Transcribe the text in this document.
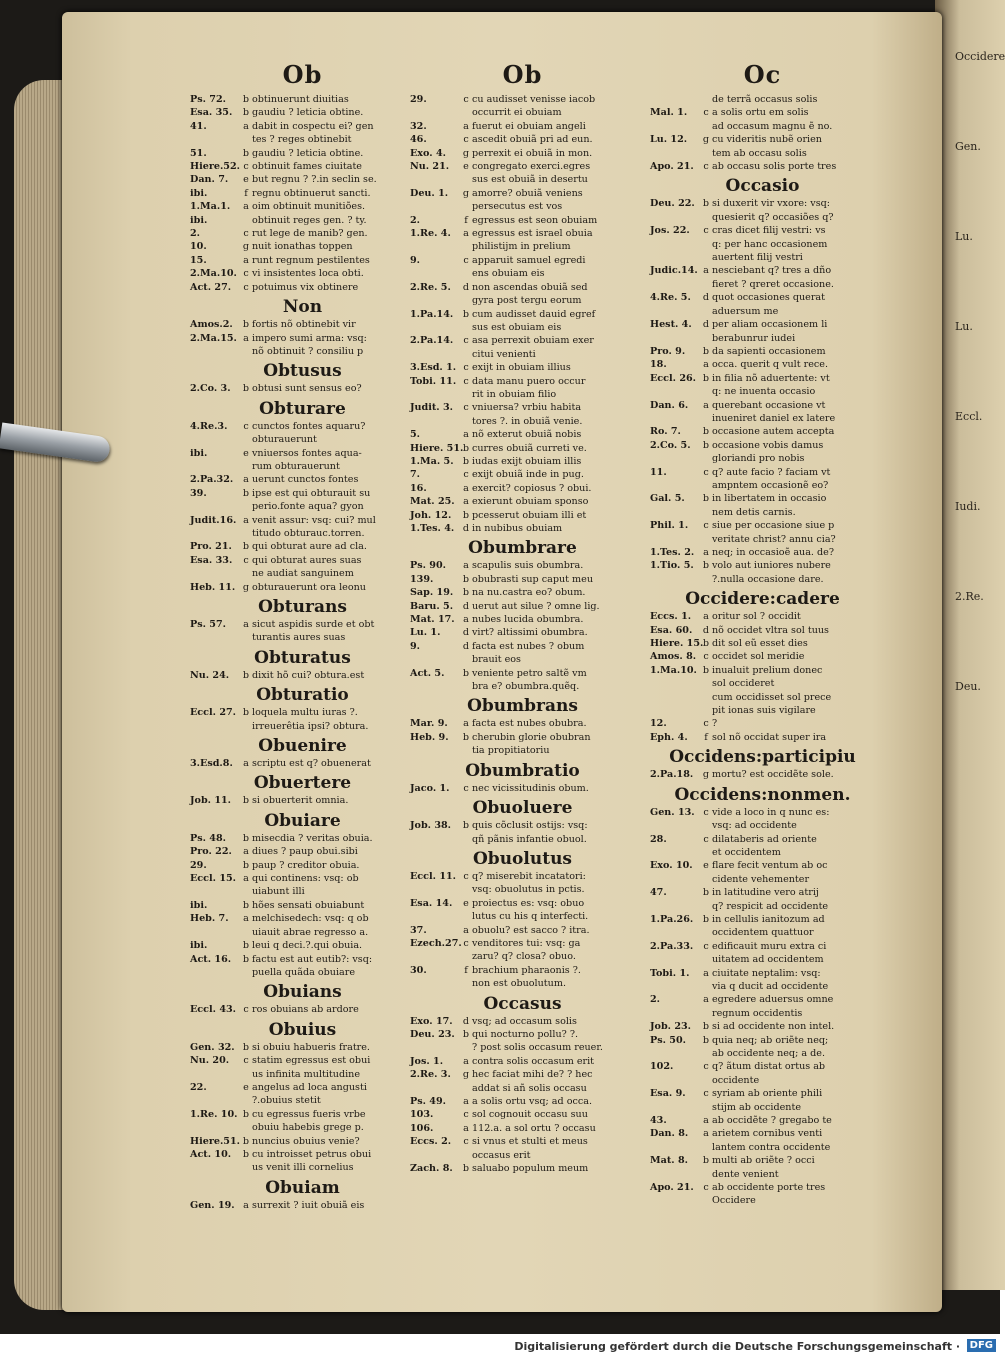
Occidere
Gen.
Lu.
Lu.
Eccl.
Iudi.
2.Re.
Deu.
Ob
Ps. 72.	b obtinuerunt diuitias
Esa. 35.	b gaudiu ? leticia obtine.
41.	a dabit in cospectu ei? gen
tes ? reges obtinebit
51.	b gaudiu ? leticia obtine.
Hiere.52. c obtinuit fames ciuitate
Dan. 7.	e but regnu ? ?.in seclin se.
ibi.	f regnu obtinuerut sancti.
1.Ma.1.	a oim obtinuit munitiões.
ibi.	obtinuit reges gen. ? ty.
2.	c rut lege de manib? gen.
10.	g nuit ionathas toppen
15.	a runt regnum pestilentes
2.Ma.10. c vi insistentes loca obti.
Act. 27.	c potuimus vix obtinere
Non
Amos.2.	b fortis nõ obtinebit vir
2.Ma.15. a impero sumi arma: vsq:
nõ obtinuit ? consiliu p
Obtusus
2.Co. 3.	b obtusi sunt sensus eo?
Obturare
4.Re.3.	c cunctos fontes aquaru?
obturauerunt
ibi.	e vniuersos fontes aqua-
rum obturauerunt
2.Pa.32.	a uerunt cunctos fontes
39.	b ipse est qui obturauit su
perio.fonte aqua? gyon
Judit.16. a venit assur: vsq: cui? mul
titudo obturauc.torren.
Pro. 21.	b qui obturat aure ad cla.
Esa. 33.	c qui obturat aures suas
ne audiat sanguinem
Heb. 11. g obturauerunt ora leonu
Obturans
Ps. 57.	a sicut aspidis surde et obt
turantis aures suas
Obturatus
Nu. 24.	b dixit hõ cui? obtura.est
Obturatio
Eccl. 27. b loquela multu iuras ?.
irreuerêtia ipsi? obtura.
Obuenire
3.Esd.8.	a scriptu est q? obuenerat
Obuertere
Job. 11.	b si obuerterit omnia.
Obuiare
Ps. 48.	b misecdia ? veritas obuia.
Pro. 22.	a diues ? paup obui.sibi
29.	b paup ? creditor obuia.
Eccl. 15. a qui continens: vsq: ob
uiabunt illi
ibi.	b hões sensati obuiabunt
Heb. 7.	a melchisedech: vsq: q ob
uiauit abrae regresso a.
ibi.	b leui q deci.?.qui obuia.
Act. 16.	b factu est aut eutib?: vsq:
puella quãda obuiare
Obuians
Eccl. 43. c ros obuians ab ardore
Obuius
Gen. 32. b si obuiu habueris fratre.
Nu. 20.	c statim egressus est obui
us infinita multitudine
22.	e angelus ad loca angusti
?.obuius stetit
1.Re. 10. b cu egressus fueris vrbe
obuiu habebis grege p.
Hiere.51. b nuncius obuius venie?
Act. 10.	b cu introisset petrus obui
us venit illi cornelius
Obuiam
Gen. 19. a surrexit ? iuit obuiã eis
Ob
29.	c cu audisset venisse iacob
occurrit ei obuiam
32.	a fuerut ei obuiam angeli
46.	c ascedit obuiã pri ad eun.
Exo. 4.	g perrexit ei obuiã in mon.
Nu. 21.	e congregato exerci.egres
sus est obuiã in desertu
Deu. 1.	g amorre? obuiã veniens
persecutus est vos
2.	f egressus est seon obuiam
1.Re. 4.	a egressus est israel obuia
philistijm in prelium
9.	c apparuit samuel egredi
ens obuiam eis
2.Re. 5.	d non ascendas obuiã sed
gyra post tergu eorum
1.Pa.14.	b cum audisset dauid egref
sus est obuiam eis
2.Pa.14.	c asa perrexit obuiam exer
citui venienti
3.Esd. 1. c exijt in obuiam illius
Tobi. 11. c data manu puero occur
rit in obuiam filio
Judit. 3.	c vniuersa? vrbiu habita
tores ?. in obuiã venie.
5.	a nõ exterut obuiã nobis
Hiere. 51. b curres obuiã curreti ve.
1.Ma. 5. b iudas exijt obuiam illis
7.	c exijt obuiã inde in pug.
16.	a exercit? copiosus ? obui.
Mat. 25. a exierunt obuiam sponso
Joh. 12.	b pcesserut obuiam illi et
1.Tes. 4. d in nubibus obuiam
Obumbrare
Ps. 90.	a scapulis suis obumbra.
139.	b obubrasti sup caput meu
Sap. 19.	b na nu.castra eo? obum.
Baru. 5.	d uerut aut silue ? omne lig.
Mat. 17. a nubes lucida obumbra.
Lu. 1.	d virt? altissimi obumbra.
9.	d facta est nubes ? obum
brauit eos
Act. 5.	b veniente petro saltẽ vm
bra e? obumbra.quẽq.
Obumbrans
Mar. 9.	a facta est nubes obubra.
Heb. 9.	b cherubin glorie obubran
tia propitiatoriu
Obumbratio
Jaco. 1.	c nec vicissitudinis obum.
Obuoluere
Job. 38.	b quis cõclusit ostijs: vsq:
qñ pãnis infantie obuol.
Obuolutus
Eccl. 11. c q? miserebit incatatori:
vsq: obuolutus in pctis.
Esa. 14.	e proiectus es: vsq: obuo
lutus cu his q interfecti.
37.	a obuolu? est sacco ? itra.
Ezech.27. c venditores tui: vsq: ga
zaru? q? closa? obuo.
30.	f brachium pharaonis ?.
non est obuolutum.
Occasus
Exo. 17.	d vsq; ad occasum solis
Deu. 23. b qui nocturno pollu? ?.
? post solis occasum reuer.
Jos. 1.	a contra solis occasum erit
2.Re. 3.	g hec faciat mihi de? ? hec
addat si añ solis occasu
Ps. 49.	a a solis ortu vsq; ad occa.
103.	c sol cognouit occasu suu
106.	a 112.a. a sol ortu ? occasu
Eccs. 2.	c si vnus et stulti et meus
occasus erit
Zach. 8.	b saluabo populum meum
Oc
de terrã occasus solis
Mal. 1.	c a solis ortu em solis
ad occasum magnu ẽ no.
Lu. 12.	g cu videritis nubẽ orien
tem ab occasu solis
Apo. 21. c ab occasu solis porte tres
Occasio
Deu. 22. b si duxerit vir vxore: vsq:
quesierit q? occasiões q?
Jos. 22.	c cras dicet filij vestri: vs
q: per hanc occasionem
auertent filij vestri
Judic.14. a nesciebant q? tres a dño
fieret ? qreret occasione.
4.Re. 5.	d quot occasiones querat
aduersum me
Hest. 4.	d per aliam occasionem li
berabunrur iudei
Pro. 9.	b da sapienti occasionem
18.	a occa. querit q vult rece.
Eccl. 26. b in filia nõ aduertente: vt
q: ne inuenta occasio
Dan. 6.	a querebant occasione vt
inueniret daniel ex latere
Ro. 7.	b occasione autem accepta
2.Co. 5.	b occasione vobis damus
gloriandi pro nobis
11.	c q? aute facio ? faciam vt
ampntem occasionẽ eo?
Gal. 5.	b in libertatem in occasio
nem detis carnis.
Phil. 1.	c siue per occasione siue p
veritate christ? annu cia?
1.Tes. 2. a neq; in occasioẽ aua. de?
1.Tio. 5. b volo aut iuniores nubere
?.nulla occasione dare.
Occidere:cadere
Eccs. 1.	a oritur sol ? occidit
Esa. 60.	d nõ occidet vltra sol tuus
Hiere. 15. b dit sol eũ esset dies
Amos. 8. c occidet sol meridie
1.Ma.10. b inualuit prelium donec
sol occideret
cum occidisset sol prece
pit ionas suis vigilare
12.	c ?
Eph. 4.	f sol nõ occidat super ira
Occidens:participiu
2.Pa.18.	g mortu? est occidẽte sole.
Occidens:nonmen.
Gen. 13. c vide a loco in q nunc es:
vsq: ad occidente
28.	c dilataberis ad oriente
et occidentem
Exo. 10.	e flare fecit ventum ab oc
cidente vehementer
47.	b in latitudine vero atrij
q? respicit ad occidente
1.Pa.26.	b in cellulis ianitozum ad
occidentem quattuor
2.Pa.33.	c edificauit muru extra ci
uitatem ad occidentem
Tobi. 1.	a ciuitate neptalim: vsq:
via q ducit ad occidente
2.	a egredere aduersus omne
regnum occidentis
Job. 23.	b si ad occidente non intel.
Ps. 50.	b quia neq; ab oriẽte neq;
ab occidente neq; a de.
102.	c q? ãtum distat ortus ab
occidente
Esa. 9.	c syriam ab oriente phili
stijm ab occidente
43.	a ab occidẽte ? gregabo te
Dan. 8.	a arietem cornibus venti
lantem contra occidente
Mat. 8.	b multi ab oriẽte ? occi
dente venient
Apo. 21. c ab occidente porte tres
Occidere
Digitalisierung gefördert durch die Deutsche Forschungsgemeinschaft · DFG
